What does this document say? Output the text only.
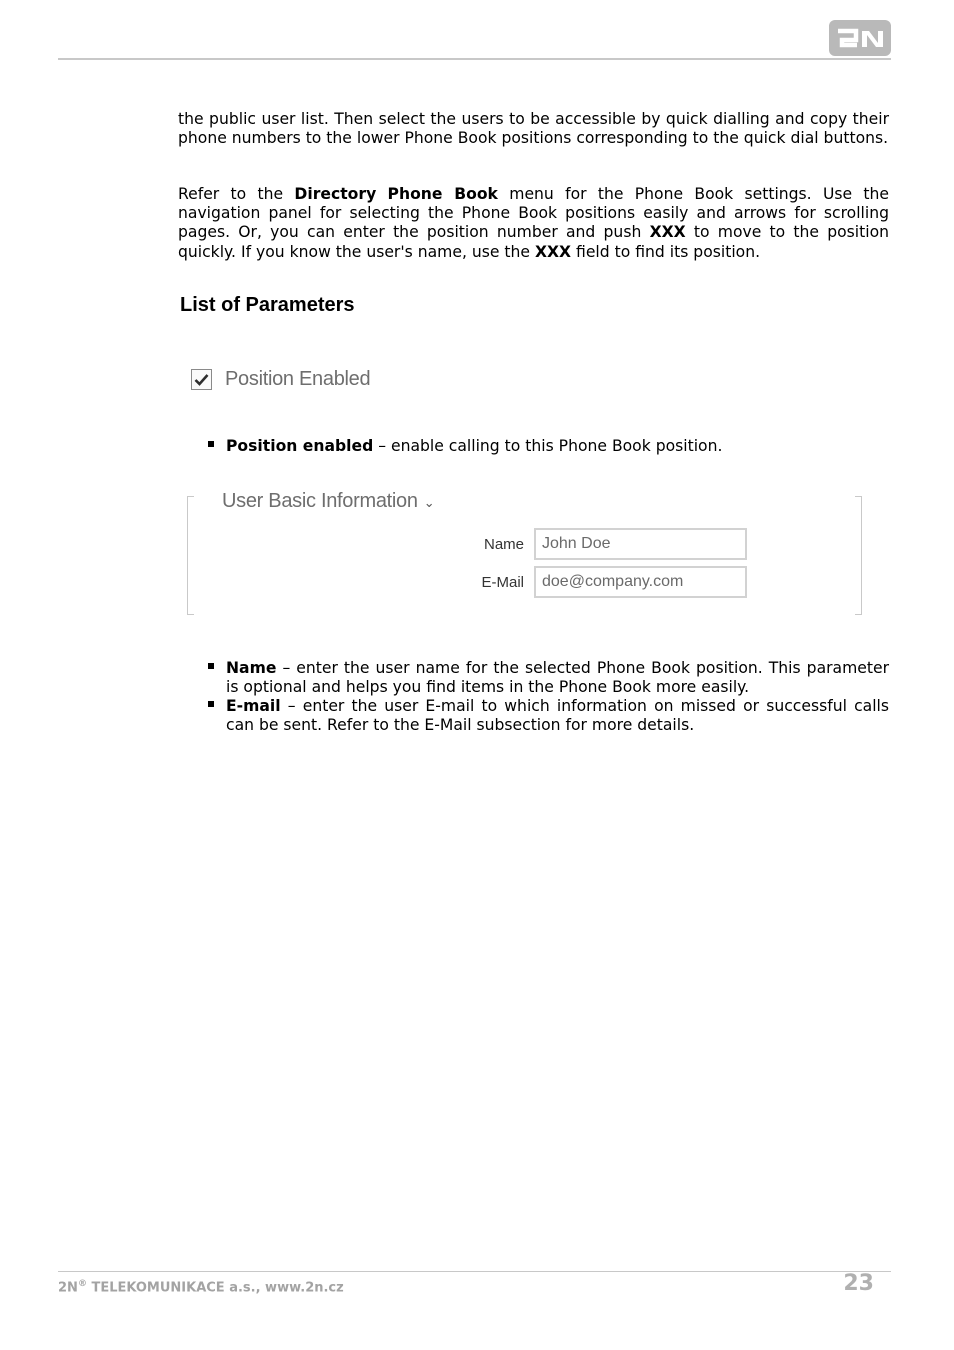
the public user list. Then select the users to be accessible by quick dialling and copy their phone numbers to the lower Phone Book positions corresponding to the quick dial buttons.

Refer to the Directory Phone Book menu for the Phone Book settings. Use the navigation panel for selecting the Phone Book positions easily and arrows for scrolling pages. Or, you can enter the position number and push XXX to move to the position quickly. If you know the user's name, use the XXX field to find its position.

List of Parameters
Position Enabled
Position enabled – enable calling to this Phone Book position.
User Basic Information ⌄
Name	John Doe
E-Mail	doe@company.com
Name – enter the user name for the selected Phone Book position. This parameter is optional and helps you find items in the Phone Book more easily.
E-mail – enter the user E-mail to which information on missed or successful calls can be sent. Refer to the E-Mail subsection for more details.
2N® TELEKOMUNIKACE a.s., www.2n.cz	23
